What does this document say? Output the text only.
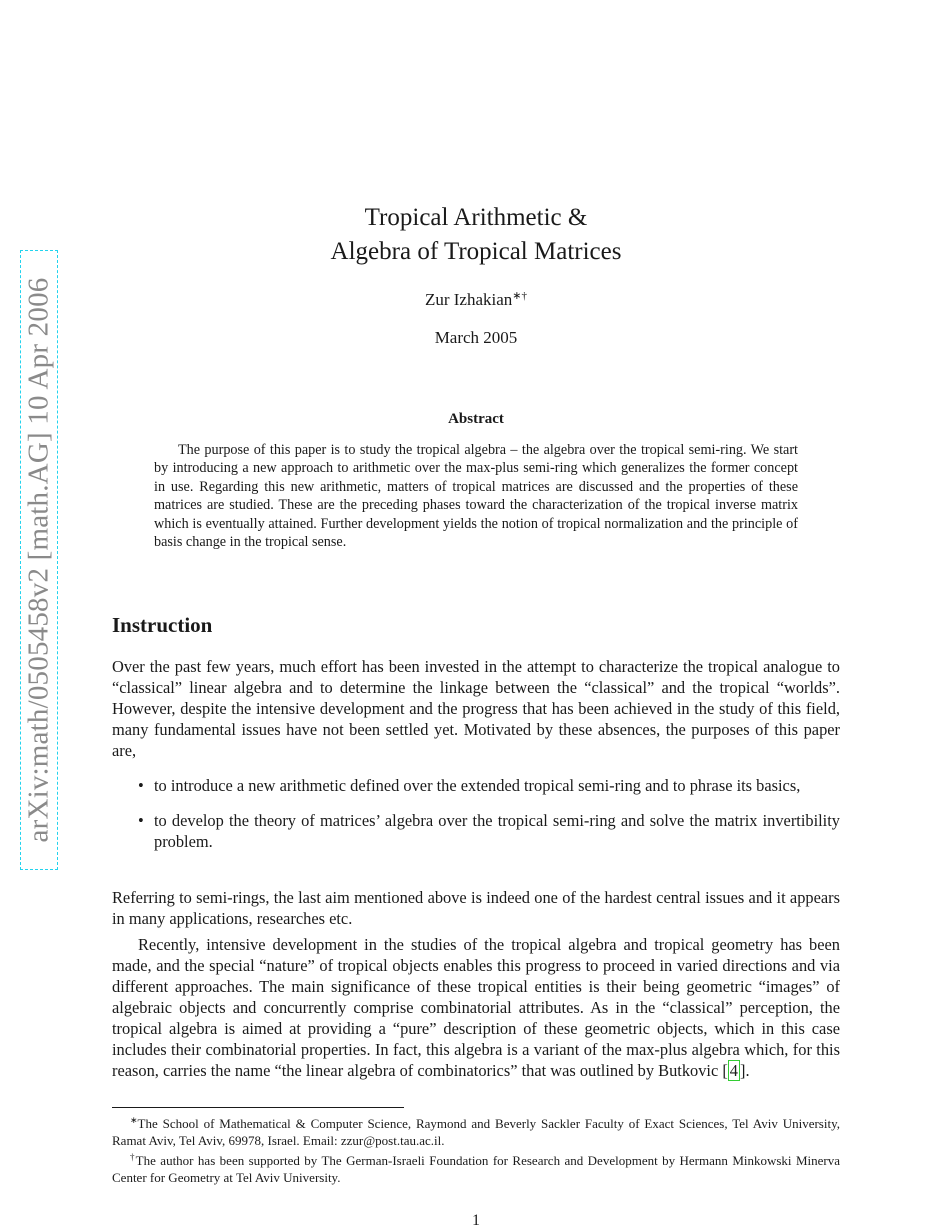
arXiv:math/0505458v2 [math.AG] 10 Apr 2006
Tropical Arithmetic &
Algebra of Tropical Matrices
Zur Izhakian∗†
March 2005
Abstract

The purpose of this paper is to study the tropical algebra – the algebra over the tropical semi-ring. We start by introducing a new approach to arithmetic over the max-plus semi-ring which generalizes the former concept in use. Regarding this new arithmetic, matters of tropical matrices are discussed and the properties of these matrices are studied. These are the preceding phases toward the characterization of the tropical inverse matrix which is eventually attained. Further development yields the notion of tropical normalization and the principle of basis change in the tropical sense.

Instruction

Over the past few years, much effort has been invested in the attempt to characterize the tropical analogue to “classical” linear algebra and to determine the linkage between the “classical” and the tropical “worlds”. However, despite the intensive development and the progress that has been achieved in the study of this field, many fundamental issues have not been settled yet. Motivated by these absences, the purposes of this paper are,

• to introduce a new arithmetic defined over the extended tropical semi-ring and to phrase its basics,
• to develop the theory of matrices’ algebra over the tropical semi-ring and solve the matrix invertibility problem.

Referring to semi-rings, the last aim mentioned above is indeed one of the hardest central issues and it appears in many applications, researches etc.

Recently, intensive development in the studies of the tropical algebra and tropical geometry has been made, and the special “nature” of tropical objects enables this progress to proceed in varied directions and via different approaches. The main significance of these tropical entities is their being geometric “images” of algebraic objects and concurrently comprise combinatorial attributes. As in the “classical” perception, the tropical algebra is aimed at providing a “pure” description of these geometric objects, which in this case includes their combinatorial properties. In fact, this algebra is a variant of the max-plus algebra which, for this reason, carries the name “the linear algebra of combinatorics” that was outlined by Butkovic [ 4 ].

∗The School of Mathematical & Computer Science, Raymond and Beverly Sackler Faculty of Exact Sciences, Tel Aviv University, Ramat Aviv, Tel Aviv, 69978, Israel. Email: zzur@post.tau.ac.il.

†The author has been supported by The German-Israeli Foundation for Research and Development by Hermann Minkowski Minerva Center for Geometry at Tel Aviv University.

1
